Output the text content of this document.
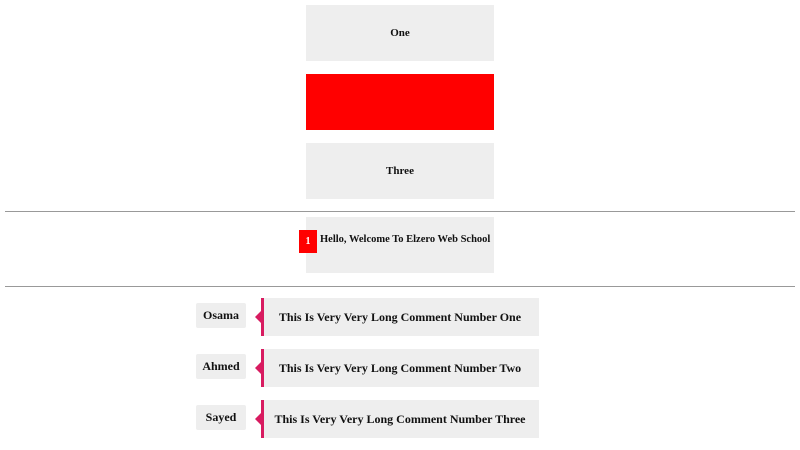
One
Three
1 Hello, Welcome To Elzero Web School
Osama	This Is Very Very Long Comment Number One
Ahmed	This Is Very Very Long Comment Number Two
Sayed	This Is Very Very Long Comment Number Three
